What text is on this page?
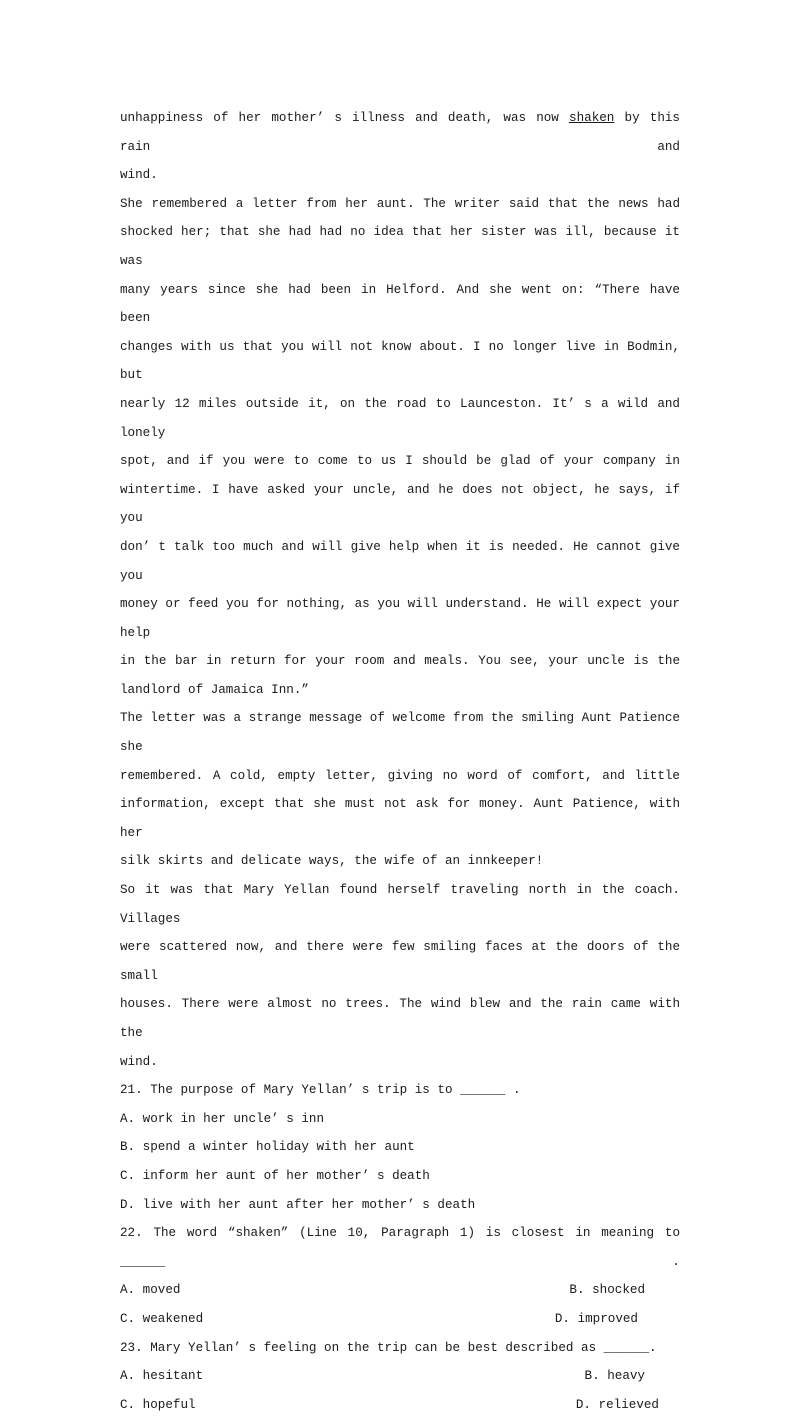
unhappiness of her mother’ s illness and death, was now shaken by this rain and
wind.
She remembered a letter from her aunt. The writer said that the news had
shocked her; that she had had no idea that her sister was ill, because it was
many years since she had been in Helford. And she went on: “There have been
changes with us that you will not know about. I no longer live in Bodmin, but
nearly 12 miles outside it, on the road to Launceston. It’ s a wild and lonely
spot, and if you were to come to us I should be glad of your company in
wintertime. I have asked your uncle, and he does not object, he says, if you
don’ t talk too much and will give help when it is needed. He cannot give you
money or feed you for nothing, as you will understand. He will expect your help
in the bar in return for your room and meals. You see, your uncle is the
landlord of Jamaica Inn.”
The letter was a strange message of welcome from the smiling Aunt Patience she
remembered. A cold, empty letter, giving no word of comfort, and little
information, except that she must not ask for money. Aunt Patience, with her
silk skirts and delicate ways, the wife of an innkeeper!
So it was that Mary Yellan found herself traveling north in the coach. Villages
were scattered now, and there were few smiling faces at the doors of the small
houses. There were almost no trees. The wind blew and the rain came with the
wind.
21. The purpose of Mary Yellan’ s trip is to ______ .
A. work in her uncle’ s inn
B. spend a winter holiday with her aunt
C. inform her aunt of her mother’ s death
D. live with her aunt after her mother’ s death
22. The word “shaken” (Line 10, Paragraph 1) is closest in meaning to ______ .
A. moved	B. shocked
C. weakened	D. improved
23. Mary Yellan’ s feeling on the trip can be best described as ______.
A. hesitant	B. heavy
C. hopeful	D. relieved
